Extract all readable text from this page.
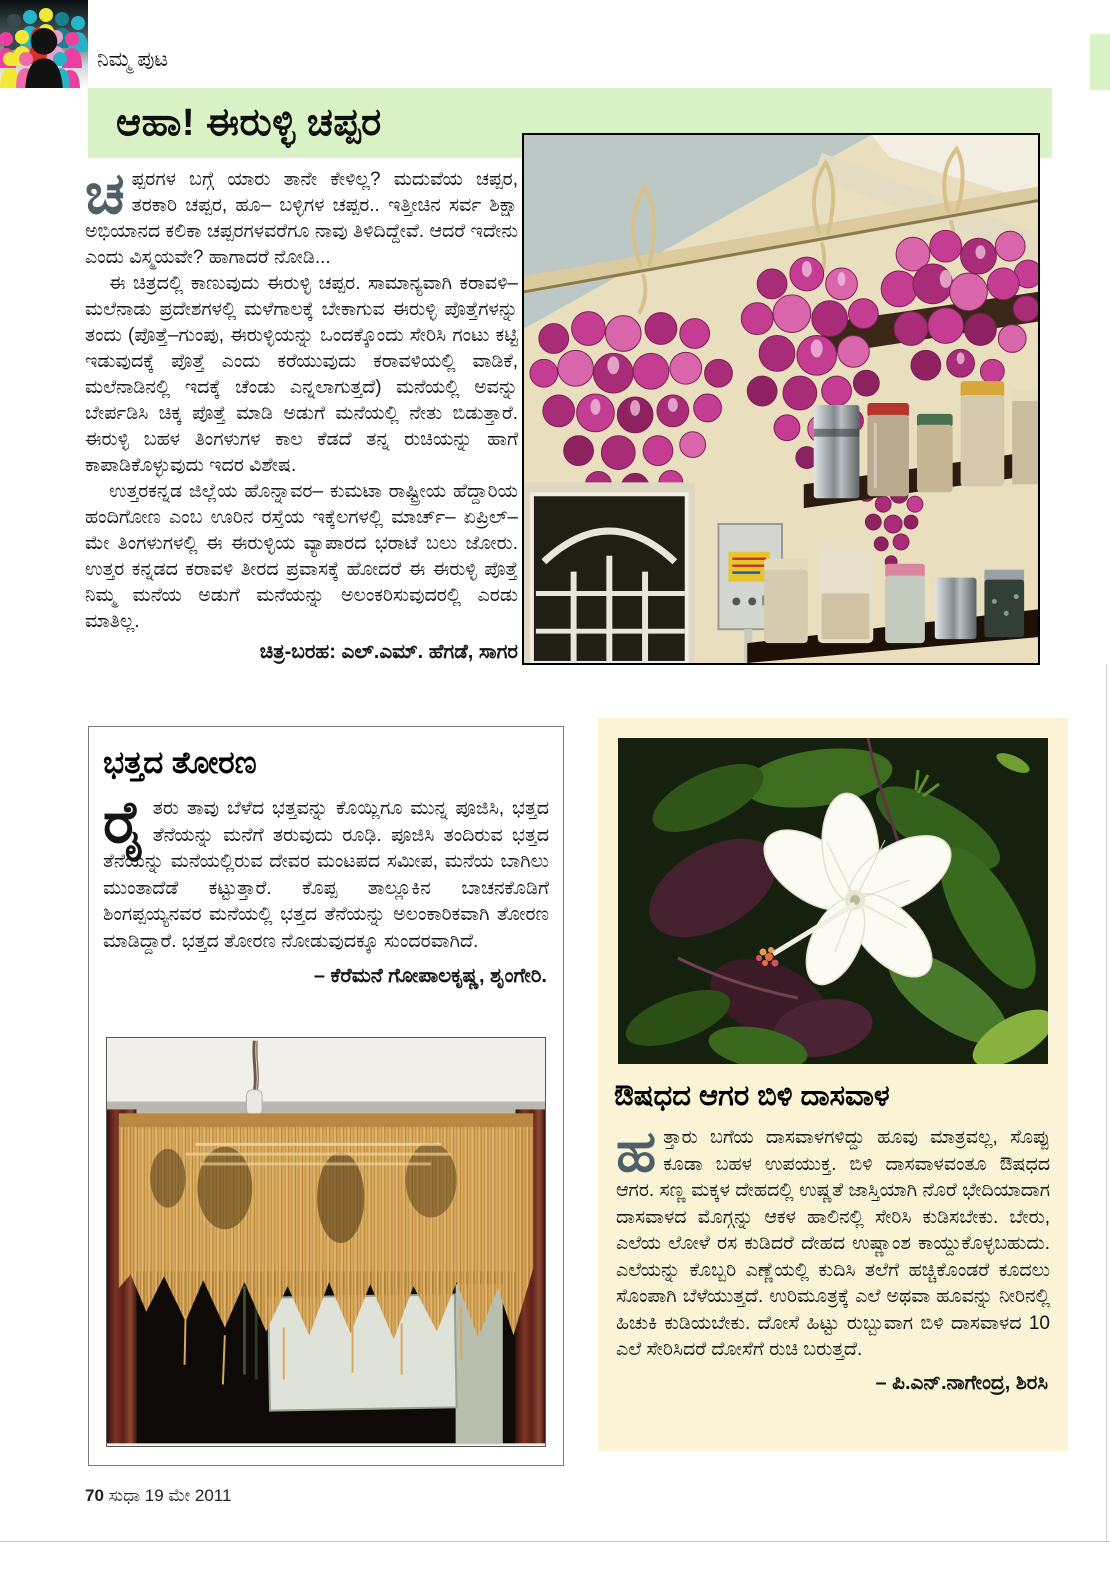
ನಿಮ್ಮ ಪುಟ
ಆಹಾ! ಈರುಳ್ಳಿ ಚಪ್ಪರ

ಚಪ್ಪರಗಳ ಬಗ್ಗೆ ಯಾರು ತಾನೇ ಕೇಳಿಲ್ಲ? ಮದುವೆಯ ಚಪ್ಪರ, ತರಕಾರಿ ಚಪ್ಪರ, ಹೂ– ಬಳ್ಳಿಗಳ ಚಪ್ಪರ.. ಇತ್ತೀಚಿನ ಸರ್ವ ಶಿಕ್ಷಾ ಅಭಿಯಾನದ ಕಲಿಕಾ ಚಪ್ಪರಗಳವರೆಗೂ ನಾವು ತಿಳಿದಿದ್ದೇವೆ. ಆದರೆ ಇದೇನು ಎಂದು ವಿಸ್ಮಯವೇ? ಹಾಗಾದರೆ ನೋಡಿ...

ಈ ಚಿತ್ರದಲ್ಲಿ ಕಾಣುವುದು ಈರುಳ್ಳಿ ಚಪ್ಪರ. ಸಾಮಾನ್ಯವಾಗಿ ಕರಾವಳಿ– ಮಲೆನಾಡು ಪ್ರದೇಶಗಳಲ್ಲಿ ಮಳೆಗಾಲಕ್ಕೆ ಬೇಕಾಗುವ ಈರುಳ್ಳಿ ಪೊತ್ತೆಗಳನ್ನು ತಂದು (ಪೊತ್ತೆ–ಗುಂಪು, ಈರುಳ್ಳಿಯನ್ನು ಒಂದಕ್ಕೊಂದು ಸೇರಿಸಿ ಗಂಟು ಕಟ್ಟಿ ಇಡುವುದಕ್ಕೆ ಪೊತ್ತೆ ಎಂದು ಕರೆಯುವುದು ಕರಾವಳಿಯಲ್ಲಿ ವಾಡಿಕೆ, ಮಲೆನಾಡಿನಲ್ಲಿ ಇದಕ್ಕೆ ಚೆಂಡು ಎನ್ನಲಾಗುತ್ತದೆ) ಮನೆಯಲ್ಲಿ ಅವನ್ನು ಬೇರ್ಪಡಿಸಿ ಚಿಕ್ಕ ಪೊತ್ತೆ ಮಾಡಿ ಅಡುಗೆ ಮನೆಯಲ್ಲಿ ನೇತು ಬಿಡುತ್ತಾರೆ. ಈರುಳ್ಳಿ ಬಹಳ ತಿಂಗಳುಗಳ ಕಾಲ ಕೆಡದೆ ತನ್ನ ರುಚಿಯನ್ನು ಹಾಗೆ ಕಾಪಾಡಿಕೊಳ್ಳುವುದು ಇದರ ವಿಶೇಷ.

ಉತ್ತರಕನ್ನಡ ಜಿಲ್ಲೆಯ ಹೊನ್ನಾವರ– ಕುಮಟಾ ರಾಷ್ಟ್ರೀಯ ಹೆದ್ದಾರಿಯ ಹಂದಿಗೋಣ ಎಂಬ ಊರಿನ ರಸ್ತೆಯ ಇಕ್ಕೆಲಗಳಲ್ಲಿ ಮಾರ್ಚ್– ಏಪ್ರಿಲ್– ಮೇ ತಿಂಗಳುಗಳಲ್ಲಿ ಈ ಈರುಳ್ಳಿಯ ವ್ಯಾಪಾರದ ಭರಾಟೆ ಬಲು ಜೋರು. ಉತ್ತರ ಕನ್ನಡದ ಕರಾವಳಿ ತೀರದ ಪ್ರವಾಸಕ್ಕೆ ಹೋದರೆ ಈ ಈರುಳ್ಳಿ ಪೊತ್ತೆ ನಿಮ್ಮ ಮನೆಯ ಅಡುಗೆ ಮನೆಯನ್ನು ಅಲಂಕರಿಸುವುದರಲ್ಲಿ ಎರಡು ಮಾತಿಲ್ಲ.

ಚಿತ್ರ-ಬರಹ: ಎಲ್.ಎಮ್. ಹೆಗಡೆ, ಸಾಗರ
ಭತ್ತದ ತೋರಣ
ರೈತರು ತಾವು ಬೆಳೆದ ಭತ್ತವನ್ನು ಕೊಯ್ಲಿಗೂ ಮುನ್ನ ಪೂಜಿಸಿ, ಭತ್ತದ ತೆನೆಯನ್ನು ಮನೆಗೆ ತರುವುದು ರೂಢಿ. ಪೂಜಿಸಿ ತಂದಿರುವ ಭತ್ತದ ತೆನೆಯನ್ನು ಮನೆಯಲ್ಲಿರುವ ದೇವರ ಮಂಟಪದ ಸಮೀಪ, ಮನೆಯ ಬಾಗಿಲು ಮುಂತಾದೆಡೆ ಕಟ್ಟುತ್ತಾರೆ. ಕೊಪ್ಪ ತಾಲ್ಲೂಕಿನ ಬಾಚನಕೊಡಿಗೆ ಶಿಂಗಪ್ಪಯ್ಯನವರ ಮನೆಯಲ್ಲಿ ಭತ್ತದ ತೆನೆಯನ್ನು ಅಲಂಕಾರಿಕವಾಗಿ ತೋರಣ ಮಾಡಿದ್ದಾರೆ. ಭತ್ತದ ತೋರಣ ನೋಡುವುದಕ್ಕೂ ಸುಂದರವಾಗಿದೆ.
– ಕೆರೆಮನೆ ಗೋಪಾಲಕೃಷ್ಣ, ಶೃಂಗೇರಿ.
ಔಷಧದ ಆಗರ ಬಿಳಿ ದಾಸವಾಳ
ಹತ್ತಾರು ಬಗೆಯ ದಾಸವಾಳಗಳಿದ್ದು ಹೂವು ಮಾತ್ರವಲ್ಲ, ಸೊಪ್ಪು ಕೂಡಾ ಬಹಳ ಉಪಯುಕ್ತ. ಬಿಳಿ ದಾಸವಾಳವಂತೂ ಔಷಧದ ಆಗರ. ಸಣ್ಣ ಮಕ್ಕಳ ದೇಹದಲ್ಲಿ ಉಷ್ಣತೆ ಜಾಸ್ತಿಯಾಗಿ ನೊರೆ ಭೇದಿಯಾದಾಗ ದಾಸವಾಳದ ಮೊಗ್ಗನ್ನು ಆಕಳ ಹಾಲಿನಲ್ಲಿ ಸೇರಿಸಿ ಕುಡಿಸಬೇಕು. ಬೇರು, ಎಲೆಯ ಲೋಳೆ ರಸ ಕುಡಿದರೆ ದೇಹದ ಉಷ್ಣಾಂಶ ಕಾಯ್ದುಕೊಳ್ಳಬಹುದು. ಎಲೆಯನ್ನು ಕೊಬ್ಬರಿ ಎಣ್ಣೆಯಲ್ಲಿ ಕುದಿಸಿ ತಲೆಗೆ ಹಚ್ಚಿಕೊಂಡರೆ ಕೂದಲು ಸೊಂಪಾಗಿ ಬೆಳೆಯುತ್ತದೆ. ಉರಿಮೂತ್ರಕ್ಕೆ ಎಲೆ ಅಥವಾ ಹೂವನ್ನು ನೀರಿನಲ್ಲಿ ಹಿಚುಕಿ ಕುಡಿಯಬೇಕು. ದೋಸೆ ಹಿಟ್ಟು ರುಬ್ಬುವಾಗ ಬಿಳಿ ದಾಸವಾಳದ 10 ಎಲೆ ಸೇರಿಸಿದರೆ ದೋಸೆಗೆ ರುಚಿ ಬರುತ್ತದೆ.
– ಪಿ.ಎನ್.ನಾಗೇಂದ್ರ, ಶಿರಸಿ
70 ಸುಧಾ 19 ಮೇ 2011
